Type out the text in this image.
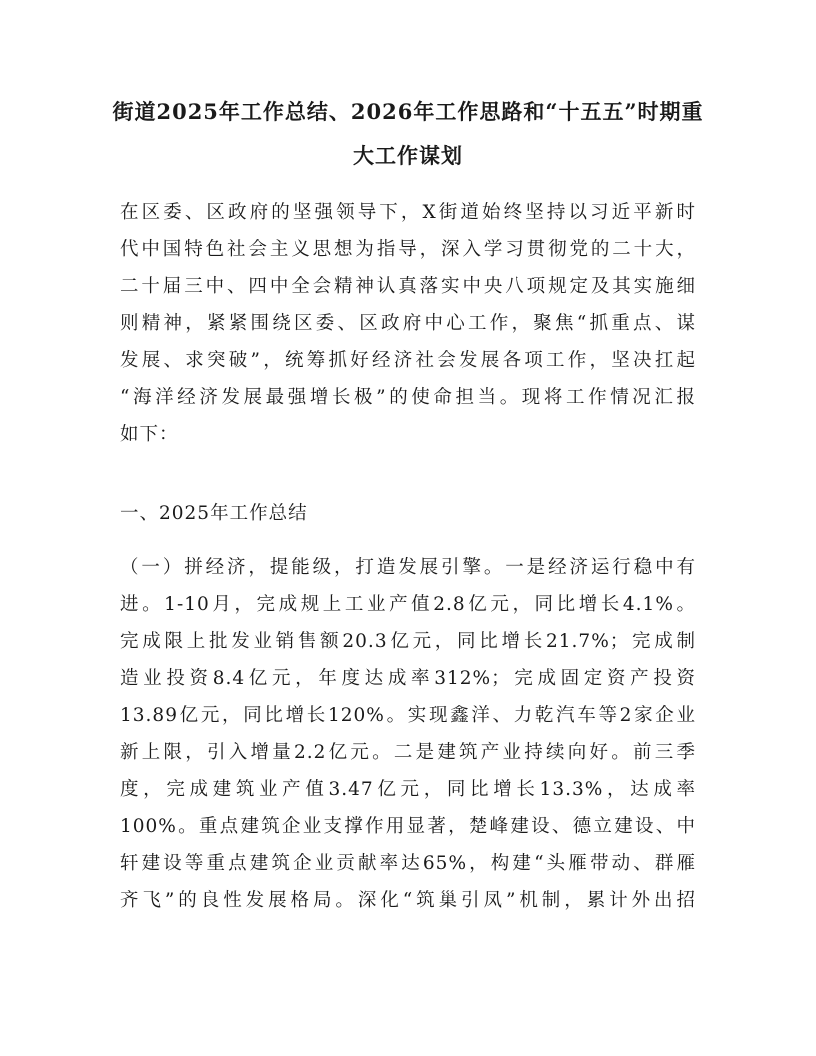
街道2025年工作总结、2026年工作思路和“十五五”时期重
大工作谋划
在区委、区政府的坚强领导下，X街道始终坚持以习近平新时
代中国特色社会主义思想为指导，深入学习贯彻党的二十大，
二十届三中、四中全会精神认真落实中央八项规定及其实施细
则精神，紧紧围绕区委、区政府中心工作，聚焦“抓重点、谋
发展、求突破”，统筹抓好经济社会发展各项工作，坚决扛起
“海洋经济发展最强增长极”的使命担当。现将工作情况汇报
如下：
一、2025年工作总结
（一）拼经济，提能级，打造发展引擎。一是经济运行稳中有
进。1-10月，完成规上工业产值2.8亿元，同比增长4.1%。
完成限上批发业销售额20.3亿元，同比增长21.7%；完成制
造业投资8.4亿元，年度达成率312%；完成固定资产投资
13.89亿元，同比增长120%。实现鑫洋、力乾汽车等2家企业
新上限，引入增量2.2亿元。二是建筑产业持续向好。前三季
度，完成建筑业产值3.47亿元，同比增长13.3%，达成率
100%。重点建筑企业支撑作用显著，楚峰建设、德立建设、中
轩建设等重点建筑企业贡献率达65%，构建“头雁带动、群雁
齐飞”的良性发展格局。深化“筑巢引凤”机制，累计外出招
